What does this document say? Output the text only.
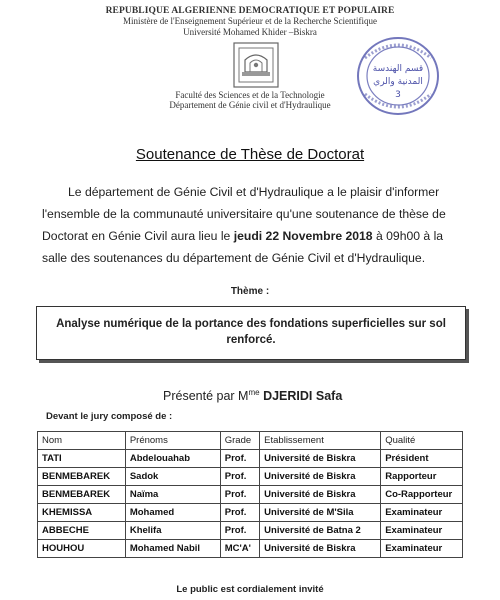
REPUBLIQUE ALGERIENNE DEMOCRATIQUE ET POPULAIRE
Ministère de l'Enseignement Supérieur et de la Recherche Scientifique
Université Mohamed Khider –Biskra
قسم الهندسة
المدنية والري
3
Faculté des Sciences et de la Technologie
Département de Génie civil et d'Hydraulique
Soutenance de Thèse de Doctorat
Le département de Génie Civil et d'Hydraulique a le plaisir d'informer
l'ensemble de la communauté universitaire qu'une soutenance de thèse de
Doctorat en Génie Civil aura lieu le jeudi 22 Novembre 2018 à 09h00 à la
salle des soutenances du département de Génie Civil et d'Hydraulique.
Thème :
Analyse numérique de la portance des fondations superficielles sur sol
renforcé.
Présenté par $M^{me}$ DJERIDI Safa
Devant le jury composé de :
Nom	Prénoms	Grade	Etablissement	Qualité
TATI	Abdelouahab	Prof.	Université de Biskra	Président
BENMEBAREK	Sadok	Prof.	Université de Biskra	Rapporteur
BENMEBAREK	Naïma	Prof.	Université de Biskra	Co-Rapporteur
KHEMISSA	Mohamed	Prof.	Université de M'Sila	Examinateur
ABBECHE	Khelifa	Prof.	Université de Batna 2	Examinateur
HOUHOU	Mohamed Nabil	MC'A'	Université de Biskra	Examinateur
Le public est cordialement invité
